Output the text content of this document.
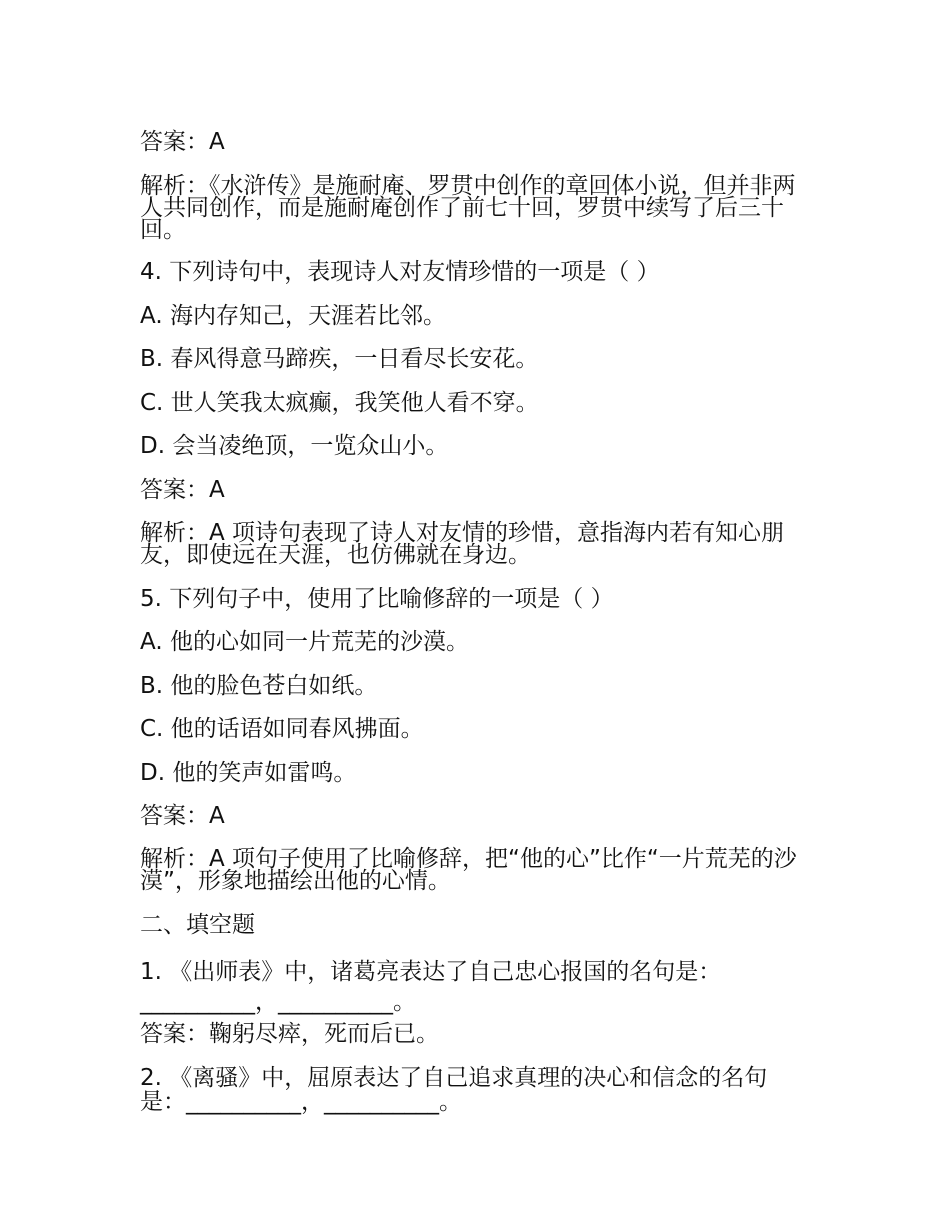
答案：A
解析：《水浒传》是施耐庵、罗贯中创作的章回体小说，但并非两人共同创作，而是施耐庵创作了前七十回，罗贯中续写了后三十回。
4. 下列诗句中，表现诗人对友情珍惜的一项是（ ）
A. 海内存知己，天涯若比邻。
B. 春风得意马蹄疾，一日看尽长安花。
C. 世人笑我太疯癫，我笑他人看不穿。
D. 会当凌绝顶，一览众山小。
答案：A
解析：A 项诗句表现了诗人对友情的珍惜，意指海内若有知心朋友，即使远在天涯，也仿佛就在身边。
5. 下列句子中，使用了比喻修辞的一项是（ ）
A. 他的心如同一片荒芜的沙漠。
B. 他的脸色苍白如纸。
C. 他的话语如同春风拂面。
D. 他的笑声如雷鸣。
答案：A
解析：A 项句子使用了比喻修辞，把“他的心”比作“一片荒芜的沙漠”，形象地描绘出他的心情。
二、填空题
1. 《出师表》中，诸葛亮表达了自己忠心报国的名句是：__________，__________。
答案：鞠躬尽瘁，死而后已。
2. 《离骚》中，屈原表达了自己追求真理的决心和信念的名句是：__________，__________。
